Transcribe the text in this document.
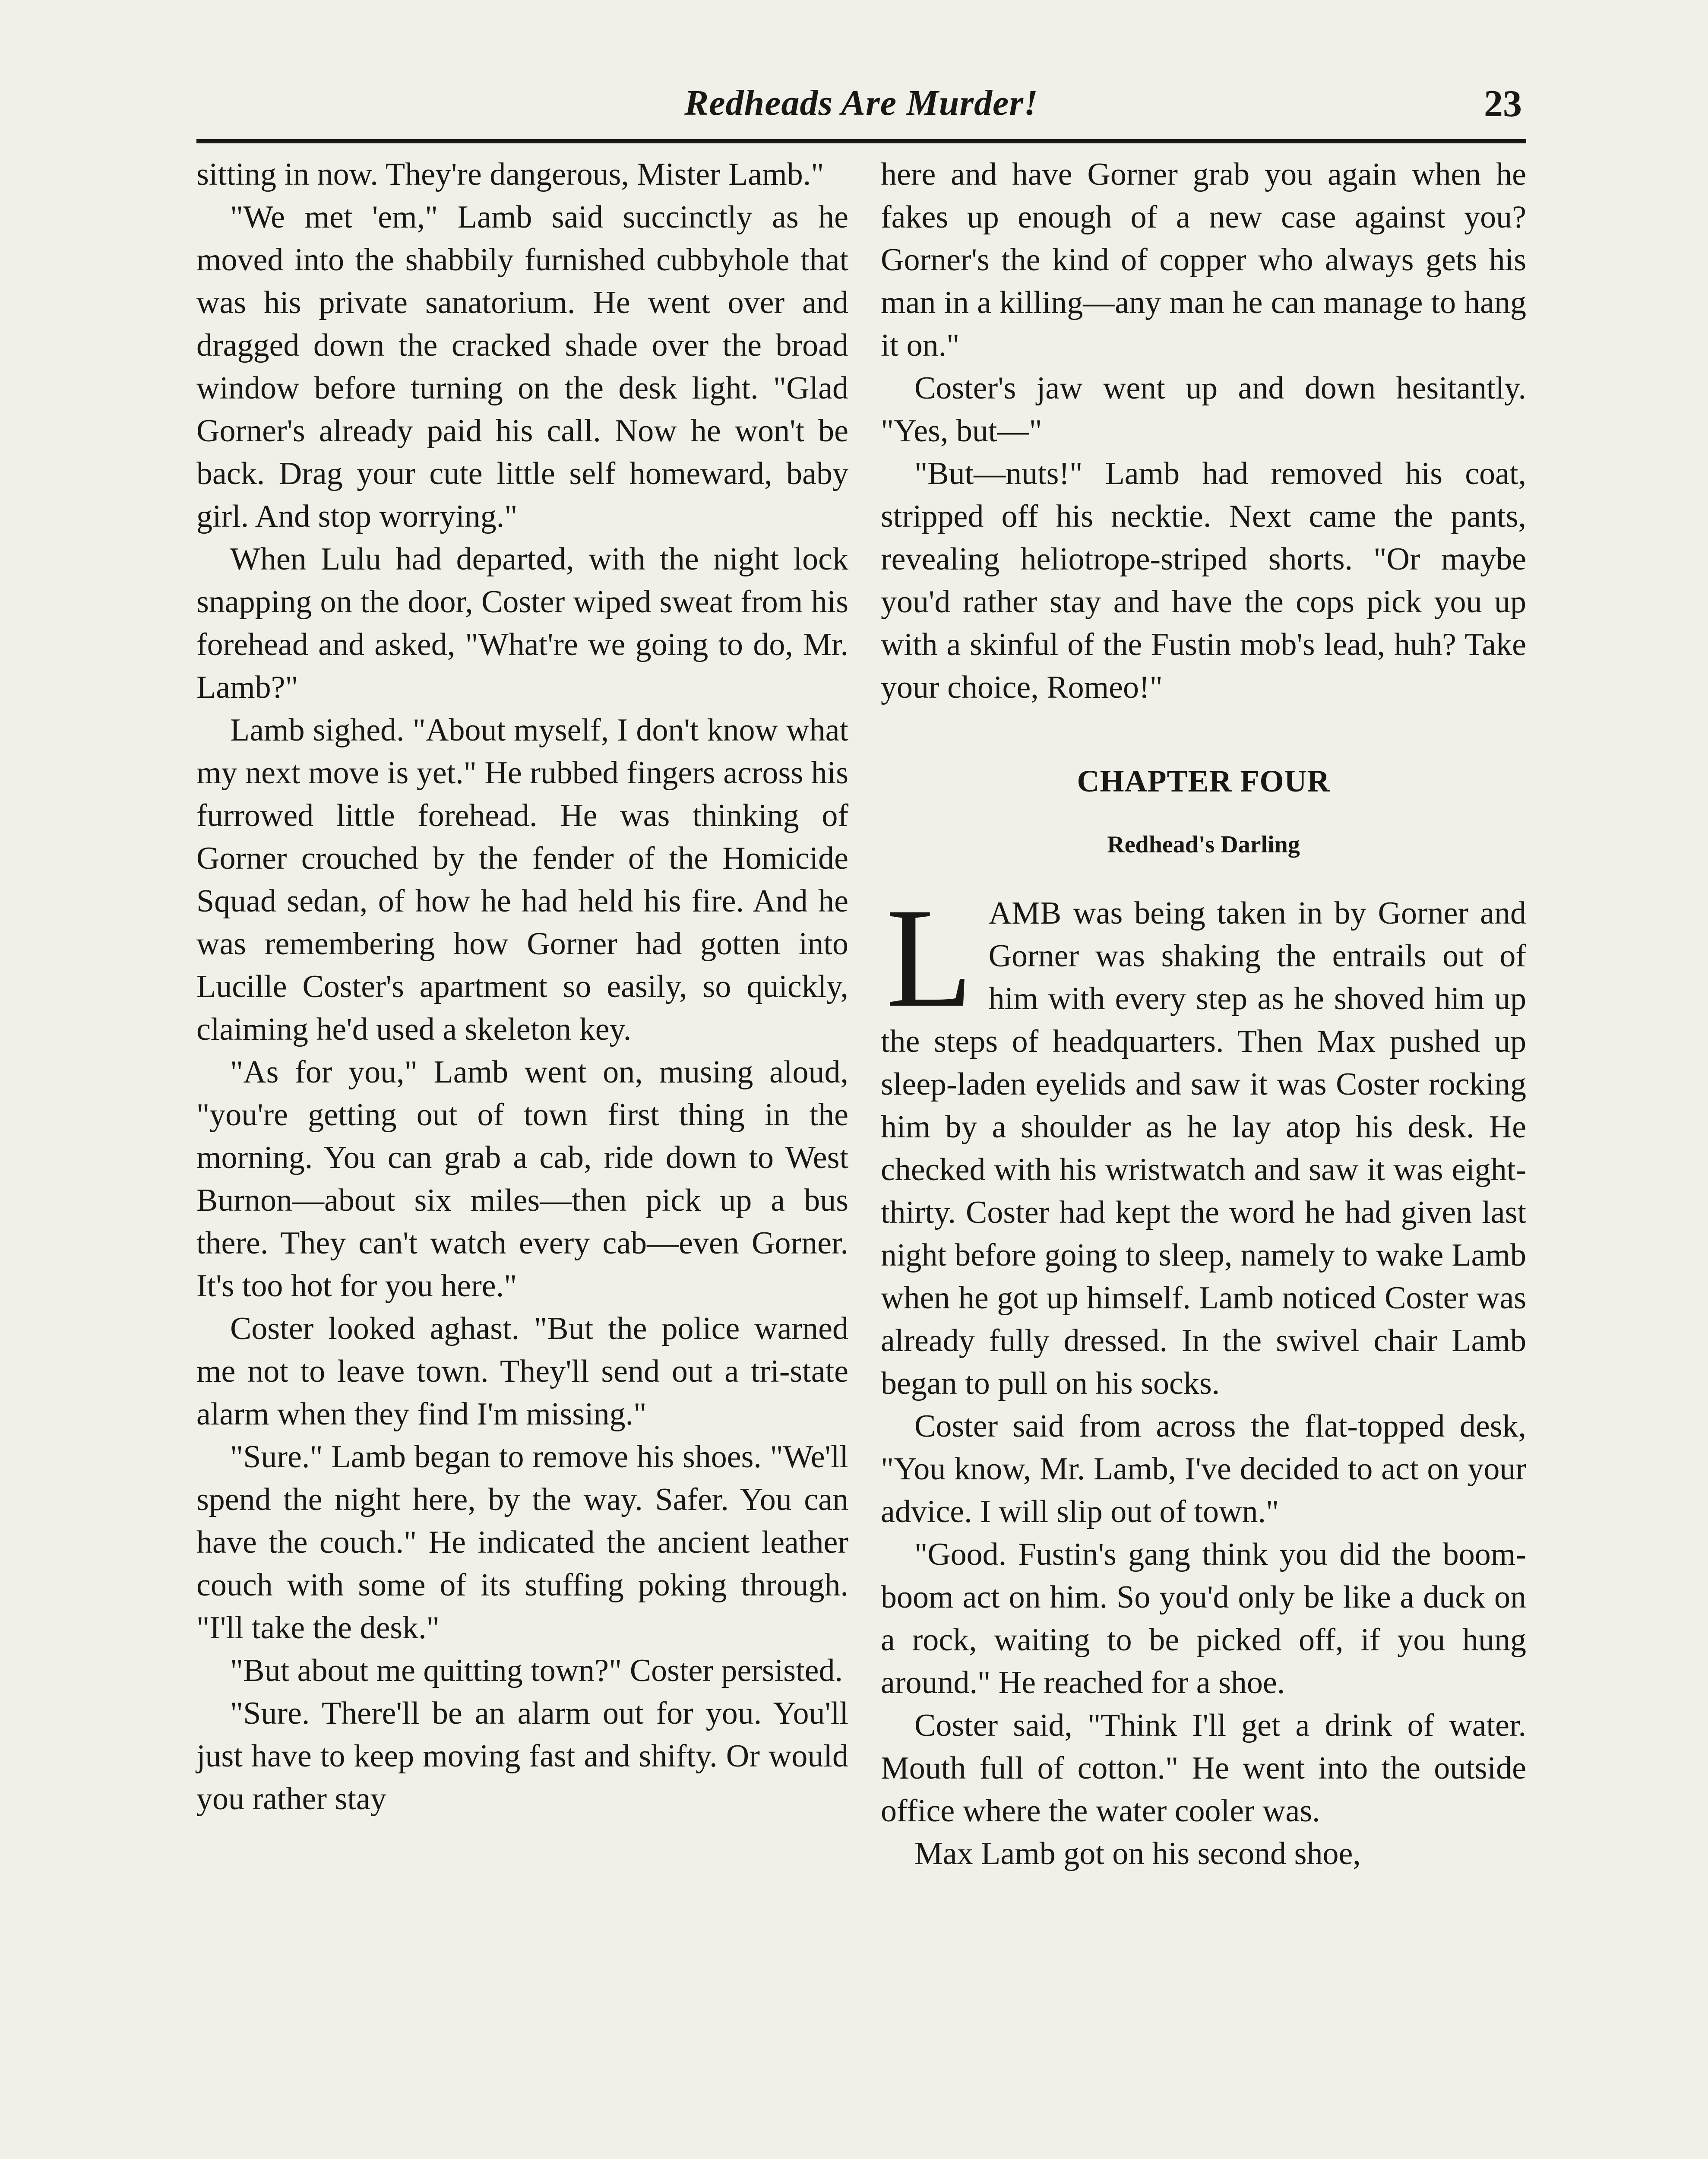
Redheads Are Murder!	23

sitting in now. They're dangerous, Mister Lamb."

"We met 'em," Lamb said succinctly as he moved into the shabbily furnished cubbyhole that was his private sanatorium. He went over and dragged down the cracked shade over the broad window before turning on the desk light. "Glad Gorner's already paid his call. Now he won't be back. Drag your cute little self homeward, baby girl. And stop worrying."

When Lulu had departed, with the night lock snapping on the door, Coster wiped sweat from his forehead and asked, "What're we going to do, Mr. Lamb?"

Lamb sighed. "About myself, I don't know what my next move is yet." He rubbed fingers across his furrowed little forehead. He was thinking of Gorner crouched by the fender of the Homicide Squad sedan, of how he had held his fire. And he was remembering how Gorner had gotten into Lucille Coster's apartment so easily, so quickly, claiming he'd used a skeleton key.

"As for you," Lamb went on, musing aloud, "you're getting out of town first thing in the morning. You can grab a cab, ride down to West Burnon—about six miles—then pick up a bus there. They can't watch every cab—even Gorner. It's too hot for you here."

Coster looked aghast. "But the police warned me not to leave town. They'll send out a tri-state alarm when they find I'm missing."

"Sure." Lamb began to remove his shoes. "We'll spend the night here, by the way. Safer. You can have the couch." He indicated the ancient leather couch with some of its stuffing poking through. "I'll take the desk."

"But about me quitting town?" Coster persisted.

"Sure. There'll be an alarm out for you. You'll just have to keep moving fast and shifty. Or would you rather stay

here and have Gorner grab you again when he fakes up enough of a new case against you? Gorner's the kind of copper who always gets his man in a killing—any man he can manage to hang it on."

Coster's jaw went up and down hesitantly. "Yes, but—"

"But—nuts!" Lamb had removed his coat, stripped off his necktie. Next came the pants, revealing heliotrope-striped shorts. "Or maybe you'd rather stay and have the cops pick you up with a skinful of the Fustin mob's lead, huh? Take your choice, Romeo!"

CHAPTER FOUR
Redhead's Darling

LAMB was being taken in by Gorner and Gorner was shaking the entrails out of him with every step as he shoved him up the steps of headquarters. Then Max pushed up sleep-laden eyelids and saw it was Coster rocking him by a shoulder as he lay atop his desk. He checked with his wristwatch and saw it was eight-thirty. Coster had kept the word he had given last night before going to sleep, namely to wake Lamb when he got up himself. Lamb noticed Coster was already fully dressed. In the swivel chair Lamb began to pull on his socks.

Coster said from across the flat-topped desk, "You know, Mr. Lamb, I've decided to act on your advice. I will slip out of town."

"Good. Fustin's gang think you did the boom-boom act on him. So you'd only be like a duck on a rock, waiting to be picked off, if you hung around." He reached for a shoe.

Coster said, "Think I'll get a drink of water. Mouth full of cotton." He went into the outside office where the water cooler was.

Max Lamb got on his second shoe,
